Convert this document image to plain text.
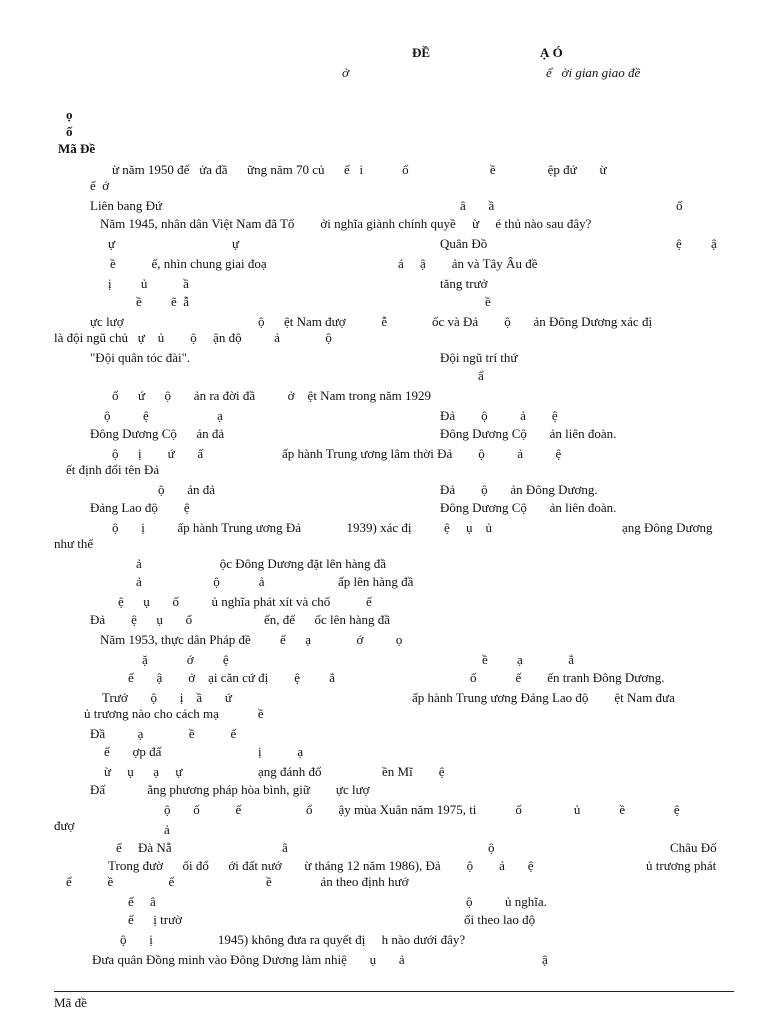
ĐỀ	Ạ Ó
ở	ể   ời gian giao đề
ọ
ố
Mã Đề
ừ năm 1950 để   ửa đầ      ững năm 70 củ      ế   i            ố                         ề                ệp đứ       ừ
ế  ớ
Liên bang Đứ	â       ầ	ố
Năm 1945, nhân dân Việt Nam đã Tổ        ởi nghĩa giành chính quyề     ừ     é thủ nào sau đây?
ự                                    ự	Quân Đồ	ệ         ậ
ề           ế, nhìn chung giai đoạ	á     ậ        ản và Tây Âu đề
ị         ủ           ầ	tăng trưở
ề         ẽ  ẫ	ề
ực lượ	ộ      ệt Nam đượ           ễ	ốc và Đả        ộ       ản Đông Dương xác đị
là đội ngũ chủ   ự    ủ        ộ     ận độ          ả              ộ
"Đội quân tóc đài".	Đội ngũ trí thứ
ẩ
ổ      ứ      ộ       ản ra đời đầ          ở    ệt Nam trong năm 1929
ộ          ệ                     ạ	Đả        ộ          ả        ệ
Đông Dương Cộ      ản đả	Đông Dương Cộ       ản liên đoàn.
ộ      ị        ứ       ấ	ấp hành Trung ương lâm thời Đả        ộ          ả          ệ
ết định đổi tên Đả
ộ       ản đả	Đả        ộ       ản Đông Dương.
Đảng Lao độ        ệ	Đông Dương Cộ       ản liên đoàn.
ộ       ị          ấp hành Trung ương Đả              1939) xác đị          ệ     ụ    ủ	ạng Đông Dương
như thế
ả                        ộc Đông Dương đặt lên hàng đầ
ả                      ộ            ả	ấp lên hàng đầ
ệ      ụ       ố          ủ nghĩa phát xít và chố           ế
Đả        ệ      ụ       ố	ến, để      ốc lên hàng đầ
Năm 1953, thực dân Pháp đề         ế      ạ              ớ          ọ
ặ            ớ         ệ	ề         ạ              ắ
ế       ậ        ở    ại căn cứ đị        ệ         ắ	ố            ế        ến tranh Đông Dương.
Trướ       ộ       ị    ầ       ứ	ấp hành Trung ương Đảng Lao độ        ệt Nam đưa
ủ trương nào cho cách mạ            ề
Đầ          ạ              ề           ế
ế       ợp đấ	ị           ạ
ừ     ụ      ạ     ự	ạng đánh đổ	ền Mĩ        ệ
Đấ             ằng phương pháp hòa bình, giữ        ực lượ
ộ       ố           ế	ổ        ậy mùa Xuân năm 1975, ti            ố                ủ            ề               ệ
đượ	ả
ế     Đà Nẵ	â	ộ	Châu Đố
Trong đườ      ối đổ      ới đất nướ       ừ tháng 12 năm 1986), Đả        ộ        ả       ệ	ủ trương phát
ể           ề                 ế	ề               ản theo định hướ
ế     â	ộ          ủ nghĩa.
ế      ị trườ	ối theo lao độ
ộ       ị                    1945) không đưa ra quyết đị     h nào dưới đây?
Đưa quân Đồng minh vào Đông Dương làm nhiệ       ụ       ả	ậ
Mã đề
